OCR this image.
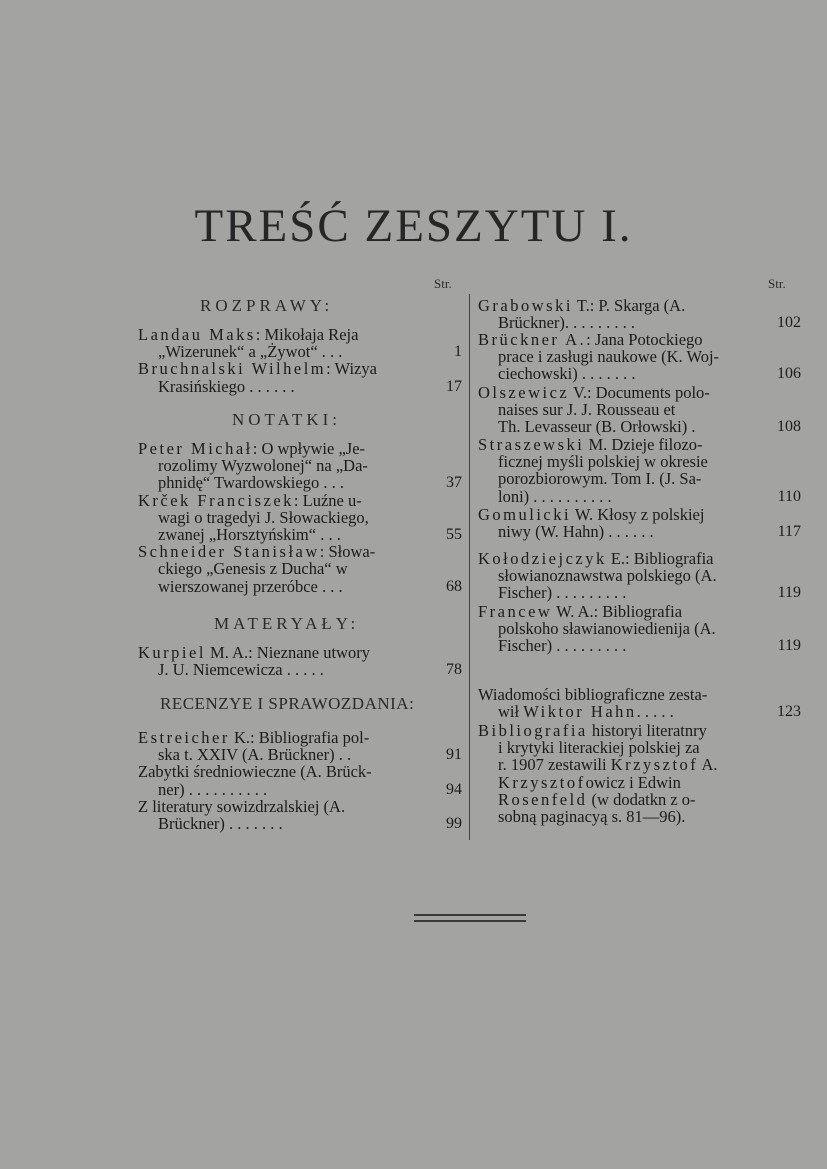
TREŚĆ ZESZYTU I.
Str.
ROZPRAWY:
Landau Maks: Mikołaja Reja
„Wizerunek“ a „Żywot“ . . .	1
Bruchnalski Wilhelm: Wizya
Krasińskiego . . . . . .	17
NOTATKI:
Peter Michał: O wpływie „Je-
rozolimy Wyzwolonej“ na „Da-
phnidę“ Twardowskiego . . .	37
Krček Franciszek: Luźne u-
wagi o tragedyi J. Słowackiego,
zwanej „Horsztyńskim“ . . .	55
Schneider Stanisław: Słowa-
ckiego „Genesis z Ducha“ w
wierszowanej przeróbce . . .	68
MATERYAŁY:
Kurpiel M. A.: Nieznane utwory
J. U. Niemcewicza . . . . .	78
RECENZYE I SPRAWOZDANIA:
Estreicher K.: Bibliografia pol-
ska t. XXIV (A. Brückner) . .	91
Zabytki średniowieczne (A. Brück-
ner) . . . . . . . . . .	94
Z literatury sowizdrzalskiej (A.
Brückner) . . . . . . .	99
Str.
Grabowski T.: P. Skarga (A.
Brückner). . . . . . . . .	102
Brückner A.: Jana Potockiego
prace i zasługi naukowe (K. Woj-
ciechowski) . . . . . . .	106
Olszewicz V.: Documents polo-
naises sur J. J. Rousseau et
Th. Levasseur (B. Orłowski) .	108
Straszewski M. Dzieje filozo-
ficznej myśli polskiej w okresie
porozbiorowym. Tom I. (J. Sa-
loni) . . . . . . . . . .	110
Gomulicki W. Kłosy z polskiej
niwy (W. Hahn) . . . . . .	117
Kołodziejczyk E.: Bibliografia
słowianoznawstwa polskiego (A.
Fischer) . . . . . . . . .	119
Francew W. A.: Bibliografia
polskoho sławianowiedienija (A.
Fischer) . . . . . . . . .	119
Wiadomości bibliograficzne zesta-
wił Wiktor Hahn. . . . .	123
Bibliografia historyi literatnry
i krytyki literackiej polskiej za
r. 1907 zestawili Krzysztof A.
Krzysztofowicz i Edwin
Rosenfeld (w dodatkn z o-
sobną paginacyą s. 81—96).
